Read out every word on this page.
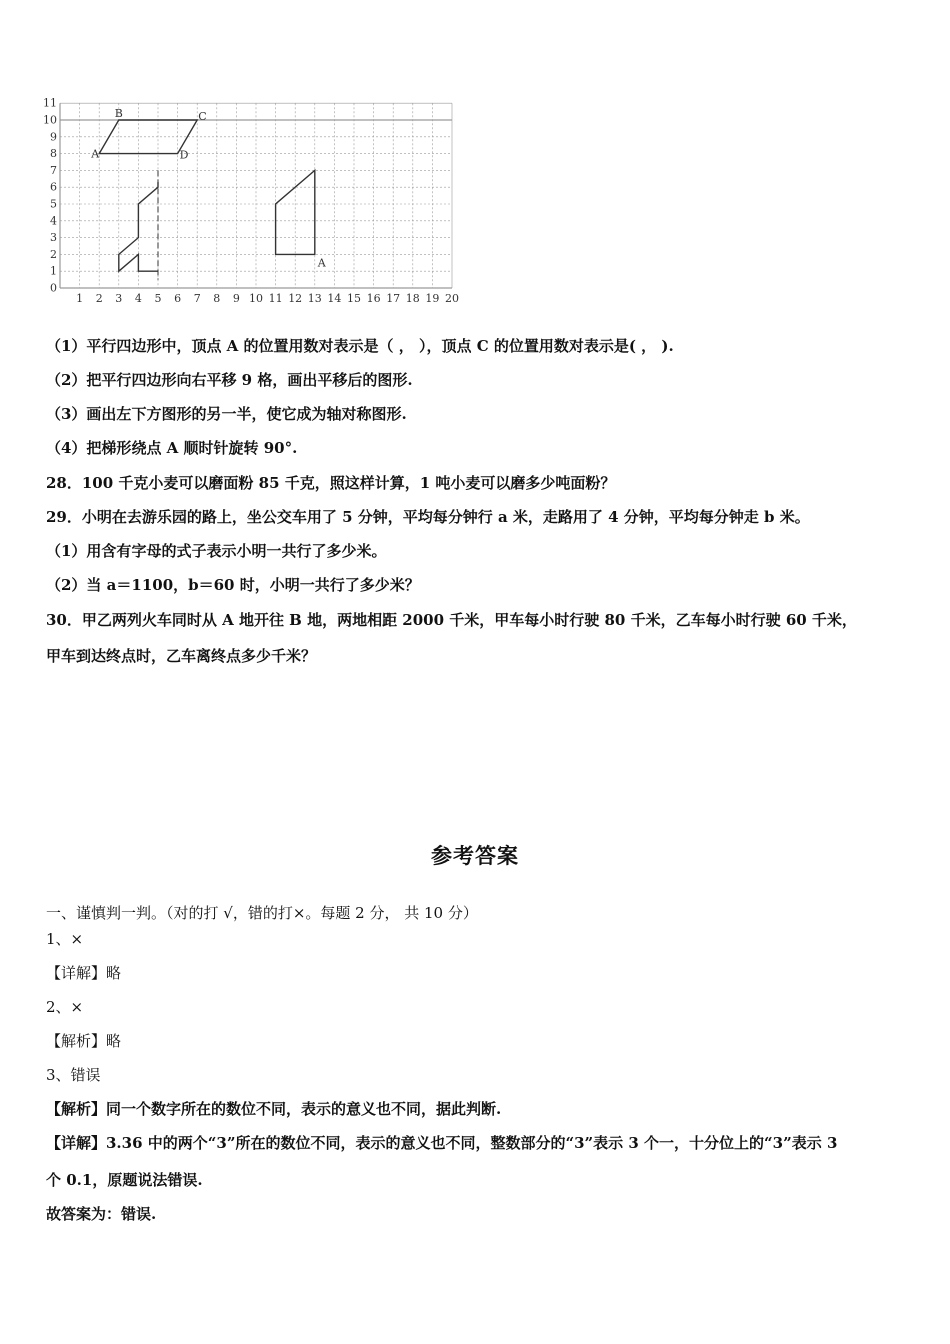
11
10
9
8
7
6
5
4
3
2
1
0
1 2 3 4 5 6 7 8 9 10 11 12 13 14 15 16 17 18 19 20
A
B	C
D
A
（1）平行四边形中，顶点 A 的位置用数对表示是（ ， ），顶点 C 的位置用数对表示是( ， ).
（2）把平行四边形向右平移 9 格，画出平移后的图形.
（3）画出左下方图形的另一半，使它成为轴对称图形.
（4）把梯形绕点 A 顺时针旋转 90°.
28．100 千克小麦可以磨面粉 85 千克，照这样计算，1 吨小麦可以磨多少吨面粉？
29．小明在去游乐园的路上，坐公交车用了 5 分钟，平均每分钟行 a 米，走路用了 4 分钟，平均每分钟走 b 米。
（1）用含有字母的式子表示小明一共行了多少米。
（2）当 a＝1100，b＝60 时，小明一共行了多少米？
30．甲乙两列火车同时从 A 地开往 B 地，两地相距 2000 千米，甲车每小时行驶 80 千米，乙车每小时行驶 60 千米，
甲车到达终点时，乙车离终点多少千米？
参考答案
一、谨慎判一判。（对的打 √，错的打×。每题 2 分， 共 10 分）
1、×
【详解】略
2、×
【解析】略
3、错误
【解析】同一个数字所在的数位不同，表示的意义也不同，据此判断.
【详解】3.36 中的两个“3”所在的数位不同，表示的意义也不同，整数部分的“3”表示 3 个一，十分位上的“3”表示 3
个 0.1，原题说法错误.
故答案为：错误.
